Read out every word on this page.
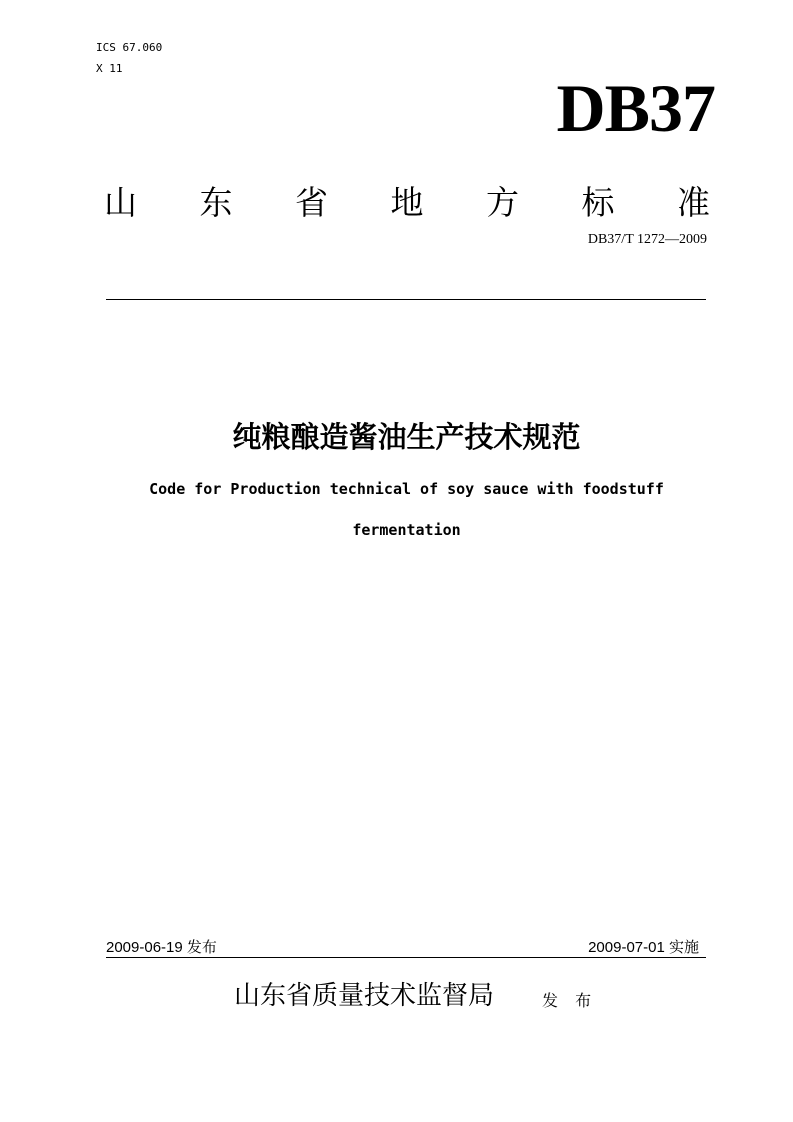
ICS 67.060
X 11
DB37
山 东 省 地 方 标 准
DB37/T 1272—2009
纯粮酿造酱油生产技术规范
Code for Production technical of soy sauce with foodstuff
fermentation
2009-06-19 发布	2009-07-01 实施
山东省质量技术监督局	发 布
